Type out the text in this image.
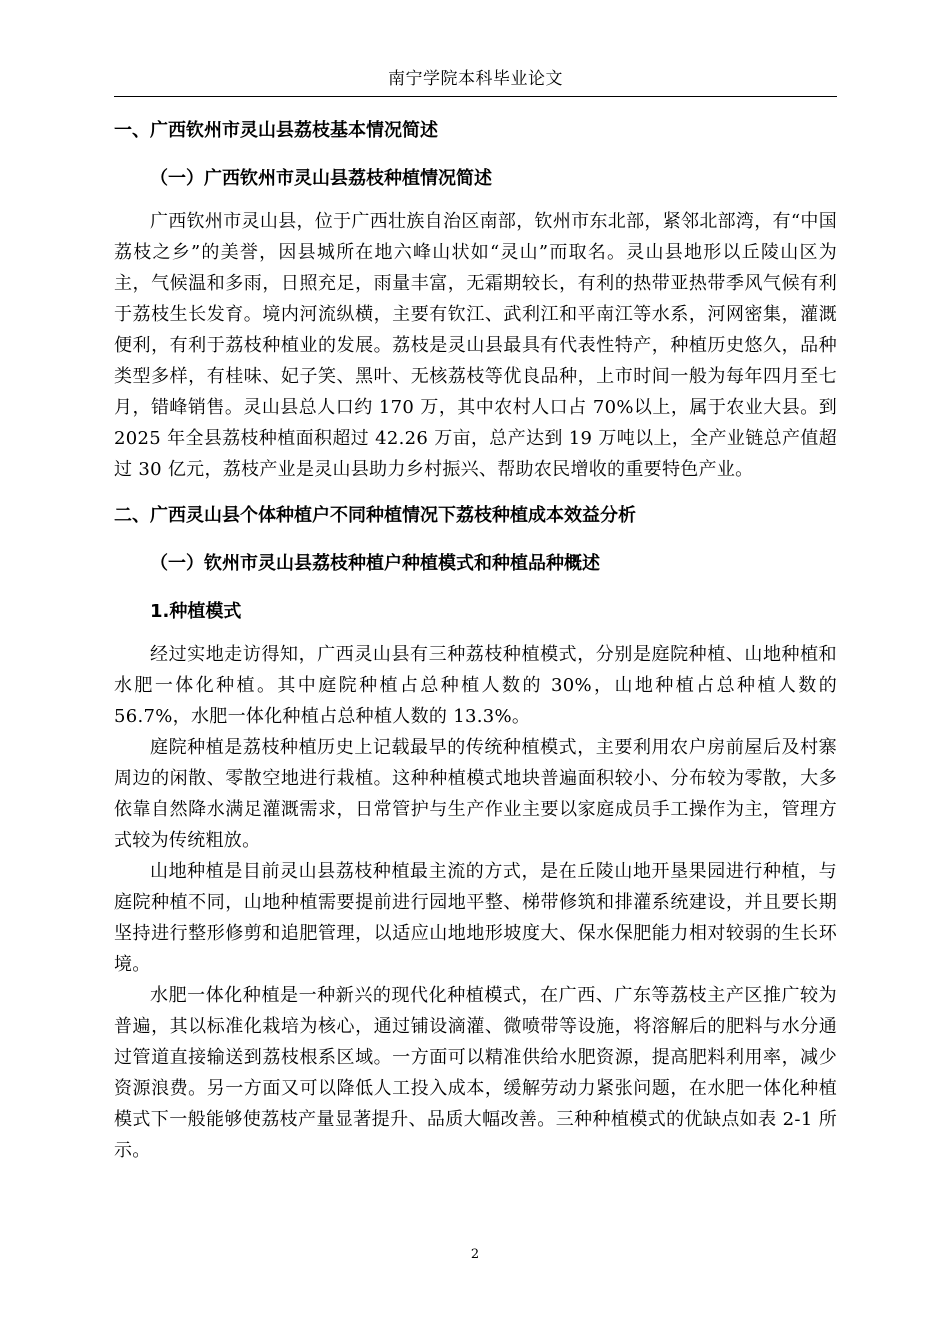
南宁学院本科毕业论文
一、广西钦州市灵山县荔枝基本情况简述
（一）广西钦州市灵山县荔枝种植情况简述

广西钦州市灵山县，位于广西壮族自治区南部，钦州市东北部，紧邻北部湾，有“中国荔枝之乡”的美誉，因县城所在地六峰山状如“灵山”而取名。灵山县地形以丘陵山区为主，气候温和多雨，日照充足，雨量丰富，无霜期较长，有利的热带亚热带季风气候有利于荔枝生长发育。境内河流纵横，主要有钦江、武利江和平南江等水系，河网密集，灌溉便利，有利于荔枝种植业的发展。荔枝是灵山县最具有代表性特产，种植历史悠久，品种类型多样，有桂味、妃子笑、黑叶、无核荔枝等优良品种，上市时间一般为每年四月至七月，错峰销售。灵山县总人口约 170 万，其中农村人口占 70%以上，属于农业大县。到 2025 年全县荔枝种植面积超过 42.26 万亩，总产达到 19 万吨以上，全产业链总产值超过 30 亿元，荔枝产业是灵山县助力乡村振兴、帮助农民增收的重要特色产业。

二、广西灵山县个体种植户不同种植情况下荔枝种植成本效益分析
（一）钦州市灵山县荔枝种植户种植模式和种植品种概述
1.种植模式

经过实地走访得知，广西灵山县有三种荔枝种植模式，分别是庭院种植、山地种植和水肥一体化种植。其中庭院种植占总种植人数的 30%，山地种植占总种植人数的 56.7%，水肥一体化种植占总种植人数的 13.3%。

庭院种植是荔枝种植历史上记载最早的传统种植模式，主要利用农户房前屋后及村寨周边的闲散、零散空地进行栽植。这种种植模式地块普遍面积较小、分布较为零散，大多依靠自然降水满足灌溉需求，日常管护与生产作业主要以家庭成员手工操作为主，管理方式较为传统粗放。

山地种植是目前灵山县荔枝种植最主流的方式，是在丘陵山地开垦果园进行种植，与庭院种植不同，山地种植需要提前进行园地平整、梯带修筑和排灌系统建设，并且要长期坚持进行整形修剪和追肥管理，以适应山地地形坡度大、保水保肥能力相对较弱的生长环境。

水肥一体化种植是一种新兴的现代化种植模式，在广西、广东等荔枝主产区推广较为普遍，其以标准化栽培为核心，通过铺设滴灌、微喷带等设施，将溶解后的肥料与水分通过管道直接输送到荔枝根系区域。一方面可以精准供给水肥资源，提高肥料利用率，减少资源浪费。另一方面又可以降低人工投入成本，缓解劳动力紧张问题，在水肥一体化种植模式下一般能够使荔枝产量显著提升、品质大幅改善。三种种植模式的优缺点如表 2-1 所示。

2
